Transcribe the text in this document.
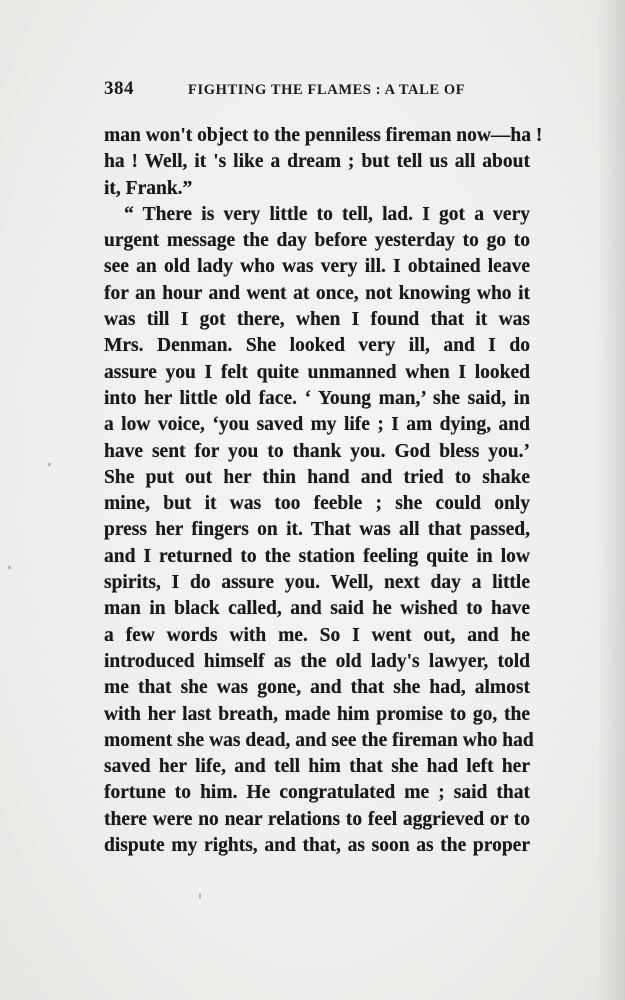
384	FIGHTING THE FLAMES : A TALE OF
man won't object to the penniless fireman now—ha !
ha ! Well, it 's like a dream ; but tell us all about
it, Frank.”
“ There is very little to tell, lad. I got a very
urgent message the day before yesterday to go to
see an old lady who was very ill. I obtained leave
for an hour and went at once, not knowing who it
was till I got there, when I found that it was
Mrs. Denman. She looked very ill, and I do
assure you I felt quite unmanned when I looked
into her little old face. ‘ Young man,’ she said, in
a low voice, ‘you saved my life ; I am dying, and
have sent for you to thank you. God bless you.’
She put out her thin hand and tried to shake
mine, but it was too feeble ; she could only
press her fingers on it. That was all that passed,
and I returned to the station feeling quite in low
spirits, I do assure you. Well, next day a little
man in black called, and said he wished to have
a few words with me. So I went out, and he
introduced himself as the old lady's lawyer, told
me that she was gone, and that she had, almost
with her last breath, made him promise to go, the
moment she was dead, and see the fireman who had
saved her life, and tell him that she had left her
fortune to him. He congratulated me ; said that
there were no near relations to feel aggrieved or to
dispute my rights, and that, as soon as the proper
